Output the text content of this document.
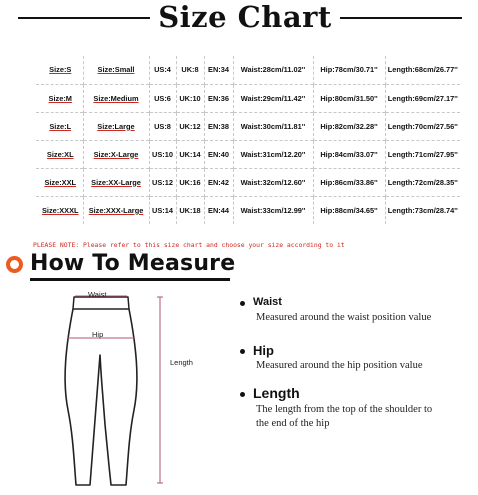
Size Chart
Size:S	Size:Small	US:4	UK:8	EN:34	Waist:28cm/11.02''	Hip:78cm/30.71''	Length:68cm/26.77''
Size:M	Size:Medium	US:6	UK:10	EN:36	Waist:29cm/11.42''	Hip:80cm/31.50''	Length:69cm/27.17''
Size:L	Size:Large	US:8	UK:12	EN:38	Waist:30cm/11.81''	Hip:82cm/32.28''	Length:70cm/27.56''
Size:XL	Size:X-Large	US:10	UK:14	EN:40	Waist:31cm/12.20''	Hip:84cm/33.07''	Length:71cm/27.95''
Size:XXL	Size:XX-Large	US:12	UK:16	EN:42	Waist:32cm/12.60''	Hip:86cm/33.86''	Length:72cm/28.35''
Size:XXXL	Size:XXX-Large	US:14	UK:18	EN:44	Waist:33cm/12.99''	Hip:88cm/34.65''	Length:73cm/28.74''
PLEASE NOTE: Please refer to this size chart and choose your size according to it
How To Measure
Waist
Hip
Length
Waist
Measured around the waist position value
Hip
Measured around the hip position value
Length
The length from the top of the shoulder to
the end of the hip
